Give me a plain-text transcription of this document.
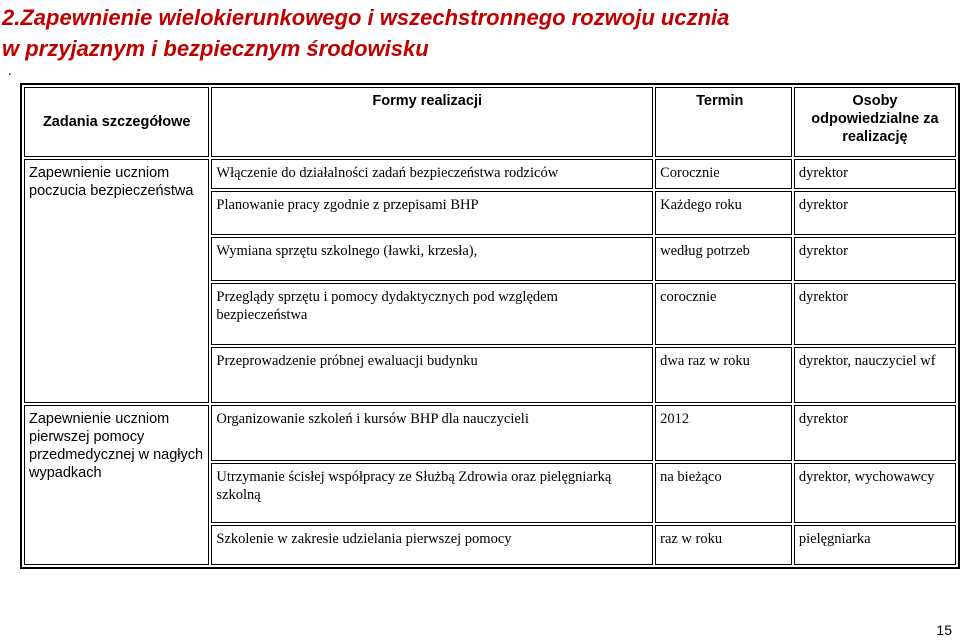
2.Zapewnienie wielokierunkowego i wszechstronnego rozwoju ucznia
w przyjaznym i bezpiecznym środowisku
.
Zadania szczegółowe	Formy realizacji	Termin	Osoby odpowiedzialne za realizację
Zapewnienie uczniom poczucia bezpieczeństwa	Włączenie do działalności zadań bezpieczeństwa rodziców	Corocznie	dyrektor
	Planowanie pracy zgodnie z przepisami BHP	Każdego roku	dyrektor
	Wymiana sprzętu szkolnego (ławki, krzesła),	według potrzeb	dyrektor
	Przeglądy sprzętu i pomocy dydaktycznych pod względem bezpieczeństwa	corocznie	dyrektor
	Przeprowadzenie próbnej ewaluacji budynku	dwa raz w roku	dyrektor, nauczyciel wf
Zapewnienie uczniom pierwszej pomocy przedmedycznej w nagłych wypadkach	Organizowanie szkoleń i kursów BHP dla nauczycieli	2012	dyrektor
	Utrzymanie ścisłej współpracy ze Służbą Zdrowia oraz pielęgniarką szkolną	na bieżąco	dyrektor, wychowawcy
	Szkolenie w zakresie udzielania pierwszej pomocy	raz w roku	pielęgniarka
15
